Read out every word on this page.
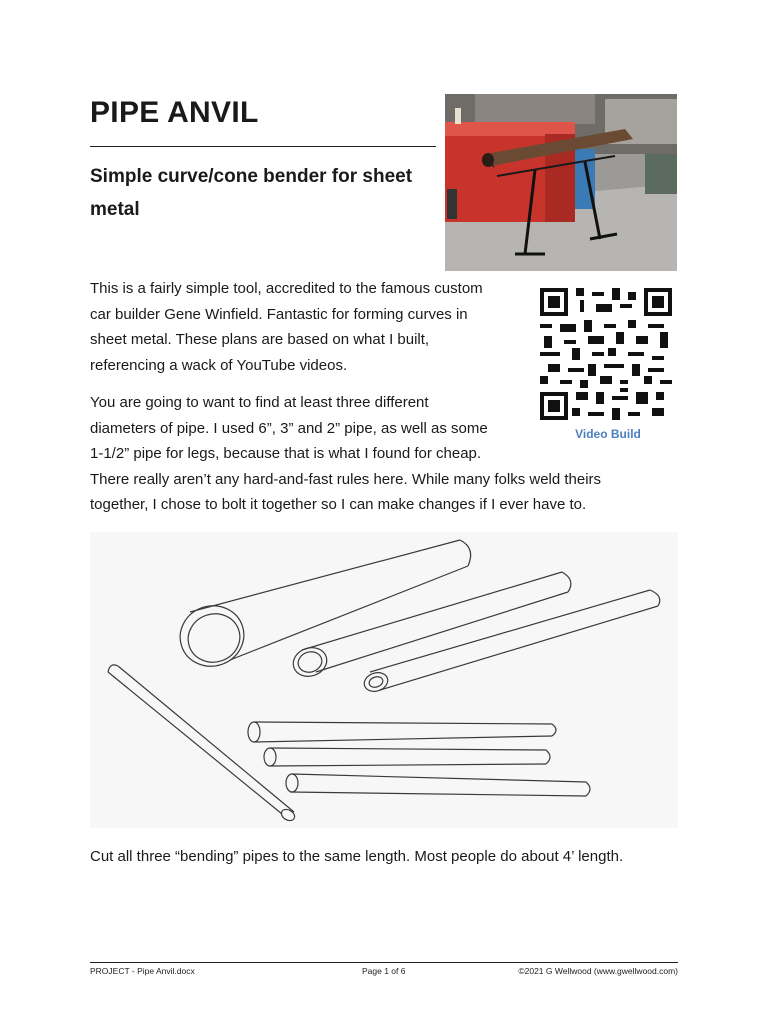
PIPE ANVIL
Simple curve/cone bender for sheet metal
This is a fairly simple tool, accredited to the famous custom
car builder Gene Winfield. Fantastic for forming curves in
sheet metal. These plans are based on what I built,
referencing a wack of YouTube videos.
Video Build
You are going to want to find at least three different
diameters of pipe. I used 6”, 3” and 2” pipe, as well as some
1-1/2” pipe for legs, because that is what I found for cheap.
There really aren’t any hard-and-fast rules here. While many folks weld theirs
together, I chose to bolt it together so I can make changes if I ever have to.
Cut all three “bending” pipes to the same length. Most people do about 4’ length.
PROJECT - Pipe Anvil.docx	Page 1 of 6	©2021 G Wellwood (www.gwellwood.com)
